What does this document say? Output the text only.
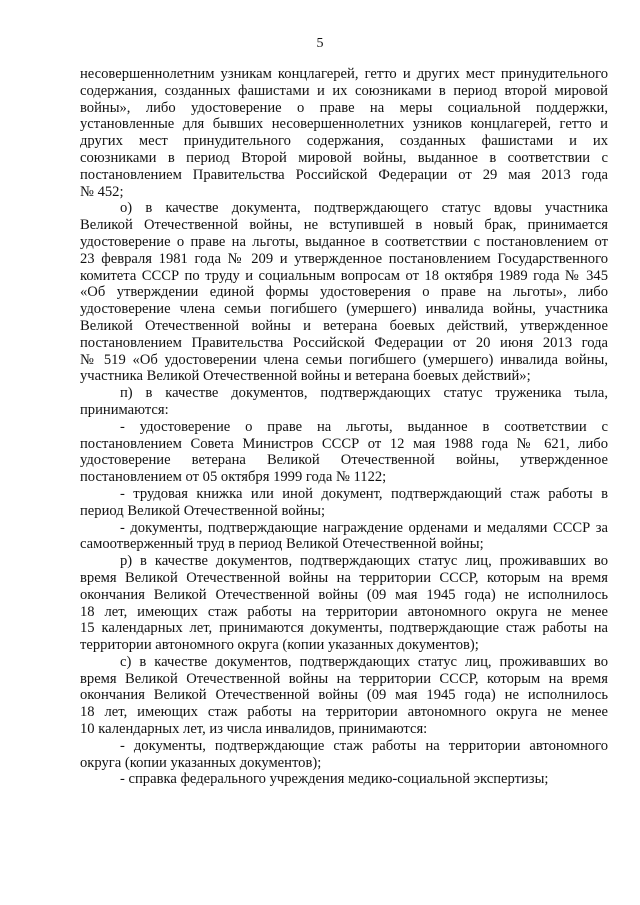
5
несовершеннолетним узникам концлагерей, гетто и других мест принудительного
содержания, созданных фашистами и их союзниками в период второй мировой
войны», либо удостоверение о праве на меры социальной поддержки,
установленные для бывших несовершеннолетних узников концлагерей, гетто и
других мест принудительного содержания, созданных фашистами и их
союзниками в период Второй мировой войны, выданное в соответствии с
постановлением Правительства Российской Федерации от 29 мая 2013 года
№ 452;
о) в качестве документа, подтверждающего статус вдовы участника
Великой Отечественной войны, не вступившей в новый брак, принимается
удостоверение о праве на льготы, выданное в соответствии с постановлением от
23 февраля 1981 года № 209 и утвержденное постановлением Государственного
комитета СССР по труду и социальным вопросам от 18 октября 1989 года № 345
«Об утверждении единой формы удостоверения о праве на льготы», либо
удостоверение члена семьи погибшего (умершего) инвалида войны, участника
Великой Отечественной войны и ветерана боевых действий, утвержденное
постановлением Правительства Российской Федерации от 20 июня 2013 года
№ 519 «Об удостоверении члена семьи погибшего (умершего) инвалида войны,
участника Великой Отечественной войны и ветерана боевых действий»;
п) в качестве документов, подтверждающих статус труженика тыла,
принимаются:
- удостоверение о праве на льготы, выданное в соответствии с
постановлением Совета Министров СССР от 12 мая 1988 года № 621, либо
удостоверение ветерана Великой Отечественной войны, утвержденное
постановлением от 05 октября 1999 года № 1122;
- трудовая книжка или иной документ, подтверждающий стаж работы в
период Великой Отечественной войны;
- документы, подтверждающие награждение орденами и медалями СССР за
самоотверженный труд в период Великой Отечественной войны;
р) в качестве документов, подтверждающих статус лиц, проживавших во
время Великой Отечественной войны на территории СССР, которым на время
окончания Великой Отечественной войны (09 мая 1945 года) не исполнилось
18 лет, имеющих стаж работы на территории автономного округа не менее
15 календарных лет, принимаются документы, подтверждающие стаж работы на
территории автономного округа (копии указанных документов);
с) в качестве документов, подтверждающих статус лиц, проживавших во
время Великой Отечественной войны на территории СССР, которым на время
окончания Великой Отечественной войны (09 мая 1945 года) не исполнилось
18 лет, имеющих стаж работы на территории автономного округа не менее
10 календарных лет, из числа инвалидов, принимаются:
- документы, подтверждающие стаж работы на территории автономного
округа (копии указанных документов);
- справка федерального учреждения медико-социальной экспертизы;
